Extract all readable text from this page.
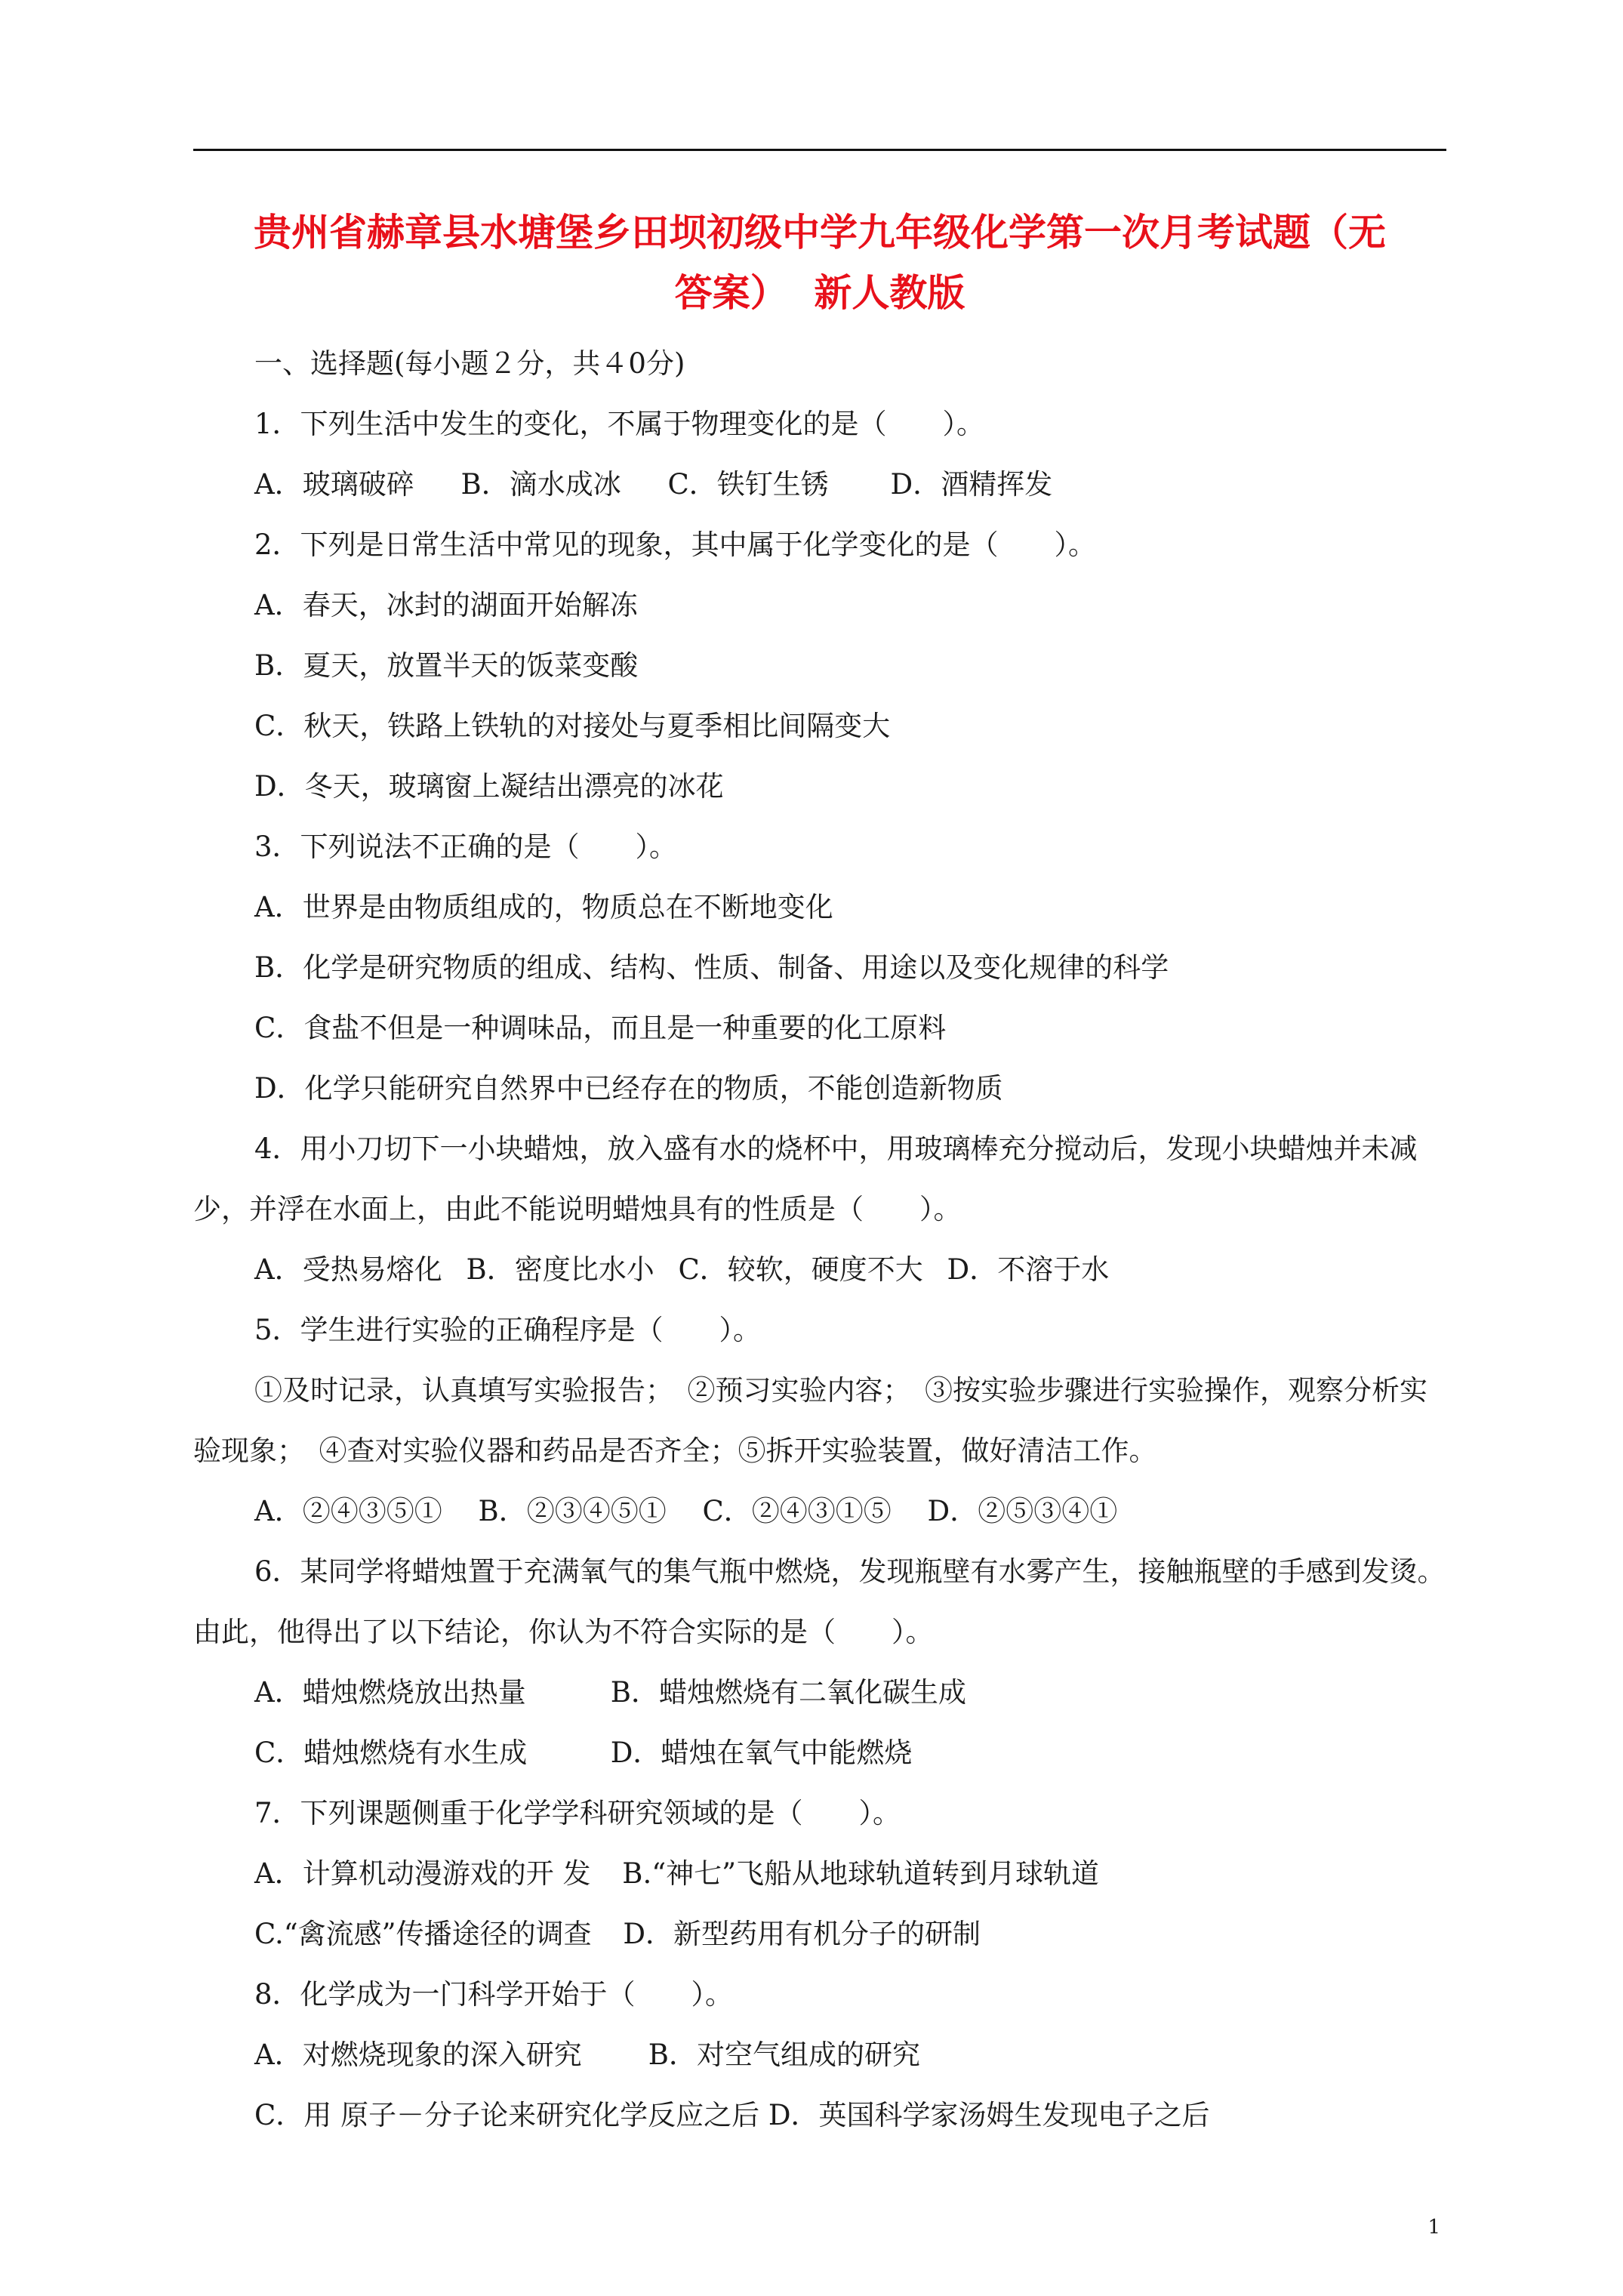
贵州省赫章县水塘堡乡田坝初级中学九年级化学第一次月考试题（无
答案）  新人教版
一、选择题(每小题２分，共４0分)
1．下列生活中发生的变化，不属于物理变化的是（　　）。
A．玻璃破碎 B．滴水成冰 C．铁钉生锈 D．酒精挥发
2．下列是日常生活中常见的现象，其中属于化学变化的是（　　）。
A．春天，冰封的湖面开始解冻
B．夏天，放置半天的饭菜变酸
C．秋天，铁路上铁轨的对接处与夏季相比间隔变大
D．冬天，玻璃窗上凝结出漂亮的冰花
3．下列说法不正确的是（　　）。
A．世界是由物质组成的，物质总在不断地变化
B．化学是研究物质的组成、结构、性质、制备、用途以及变化规律的科学
C．食盐不但是一种调味品，而且是一种重要的化工原料
D．化学只能研究自然界中已经存在的物质，不能创造新物质
4．用小刀切下一小块蜡烛，放入盛有水的烧杯中，用玻璃棒充分搅动后，发现小块蜡烛并未减少，并浮在水面上，由此不能说明蜡烛具有的性质是（　　）。
A．受热易熔化 B．密度比水小 C．较软，硬度不大 D．不溶于水
5．学生进行实验的正确程序是（　　）。
①及时记录，认真填写实验报告；　②预习实验内容；　③按实验步骤进行实验操作，观察分析实验现象；　④查对实验仪器和药品是否齐全；⑤拆开实验装置，做好清洁工作。
A．②④③⑤① B．②③④⑤① C．②④③①⑤ D．②⑤③④①
6．某同学将蜡烛置于充满氧气的集气瓶中燃烧，发现瓶壁有水雾产生，接触瓶壁的手感到发烫。由此，他得出了以下结论，你认为不符合实际的是（　　）。
A．蜡烛燃烧放出热量	B．蜡烛燃烧有二氧化碳生成
C．蜡烛燃烧有水生成	D．蜡烛在氧气中能燃烧
7．下列课题侧重于化学学科研究领域的是（　　）。
A．计算机动漫游戏的开 发 B.“神七”飞船从地球轨道转到月球轨道
C.“禽流感”传播途径的调查 D．新型药用有机分子的研制
8．化学成为一门科学开始于（　　）。
A．对燃烧现象的深入研究 B．对空气组成的研究
C．用 原子－分子论来研究化学反应之后 D．英国科学家汤姆生发现电子之后
1
